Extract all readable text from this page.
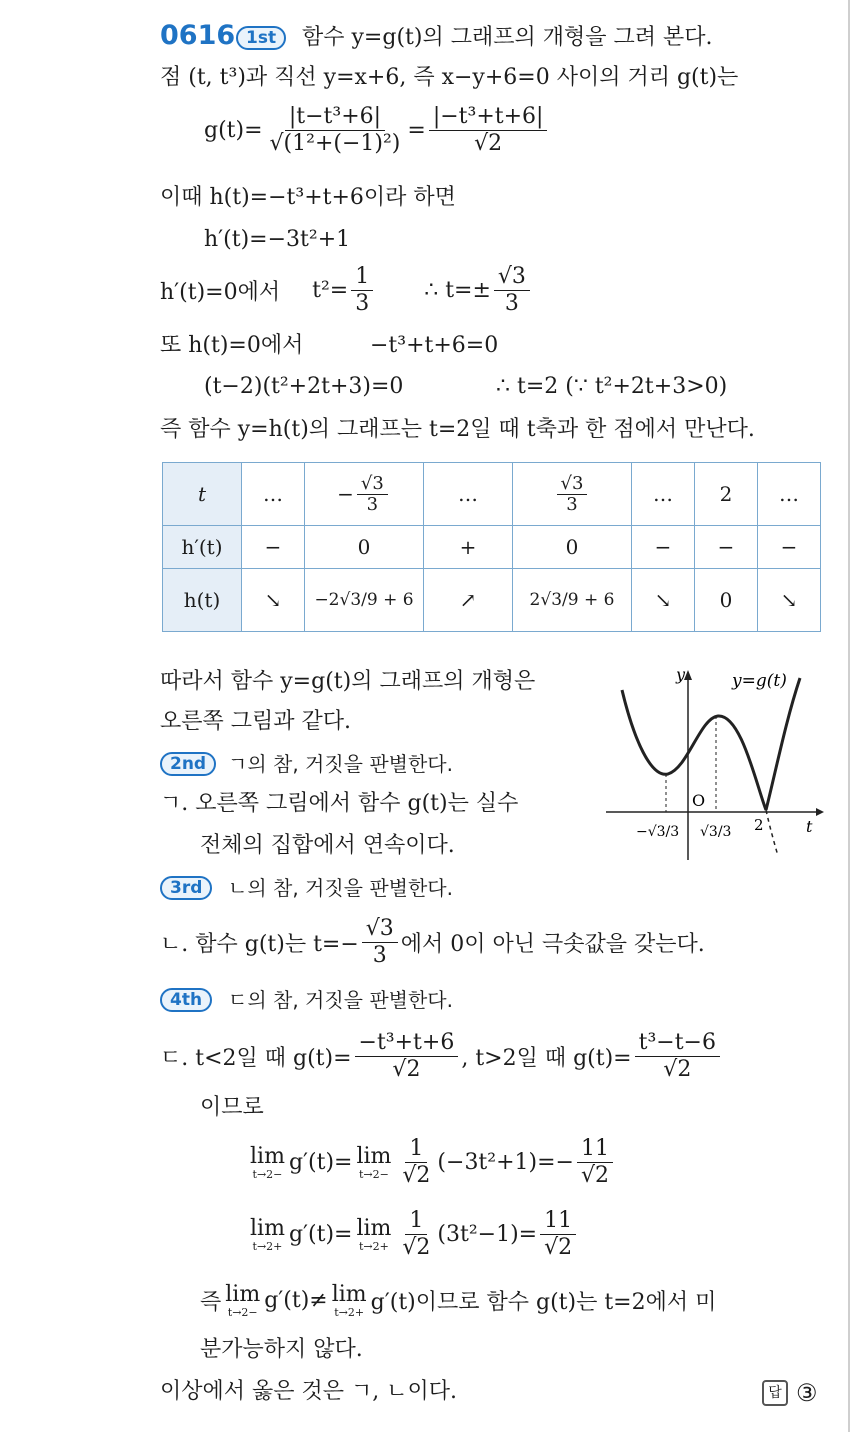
0616 1st	함수 y=g(t)의 그래프의 개형을 그려 본다.
점 (t, t³)과 직선 y=x+6, 즉 x−y+6=0 사이의 거리 g(t)는
$g(t)= \frac{\text{|t−t³+6|}}{\text{√(1²+(−1)²)}} = \frac{\text{|−t³+t+6|}}{√2}$
이때 h(t)=−t³+t+6이라 하면
h′(t)=−3t²+1
h′(t)=0에서 $t^2= \frac{1}{3}$ ∴ $t=\pm \frac{√3}{3}$
또 h(t)=0에서	−t³+t+6=0
(t−2)(t²+2t+3)=0	∴ t=2 (∵ t²+2t+3>0)
즉 함수 y=h(t)의 그래프는 t=2일 때 t축과 한 점에서 만난다.
t	…	− $\frac{√3}{3}$	…	$\frac{√3}{3}$	…	2	…
h′(t)	−	0	+	0	−	−	−
h(t)	↘	−2√3/9 + 6	↗	2√3/9 + 6	↘	0	↘
따라서 함수 y=g(t)의 그래프의 개형은
오른쪽 그림과 같다.
y	y=g(t)
O
t
−√3/3 √3/3 2
2nd	ㄱ의 참, 거짓을 판별한다.
ㄱ. 오른쪽 그림에서 함수 g(t)는 실수
전체의 집합에서 연속이다.
3rd	ㄴ의 참, 거짓을 판별한다.
ㄴ. 함수 g(t)는 $t=- \frac{√3}{3}$ 에서 0이 아닌 극솟값을 갖는다.
4th	ㄷ의 참, 거짓을 판별한다.
ㄷ. t<2일 때 $g(t)= \frac{\text{−t³+t+6}}{√2}$ , t>2일 때 $g(t)= \frac{\text{t³−t−6}}{√2}$
이므로
lim
t→2− g′(t)= lim
$t\to 2- \frac{1}{√2} (-3t^2+1)=- \frac{11}{√2}$
lim
t→2+ g′(t)= lim
$t\to 2+ \frac{1}{√2} (3t^2-1)= \frac{11}{√2}$
즉 lim
t→2− g′(t)≠ lim
t→2+ g′(t)이므로 함수 g(t)는 t=2에서 미
분가능하지 않다.
이상에서 옳은 것은 ㄱ, ㄴ이다.	답 ③
